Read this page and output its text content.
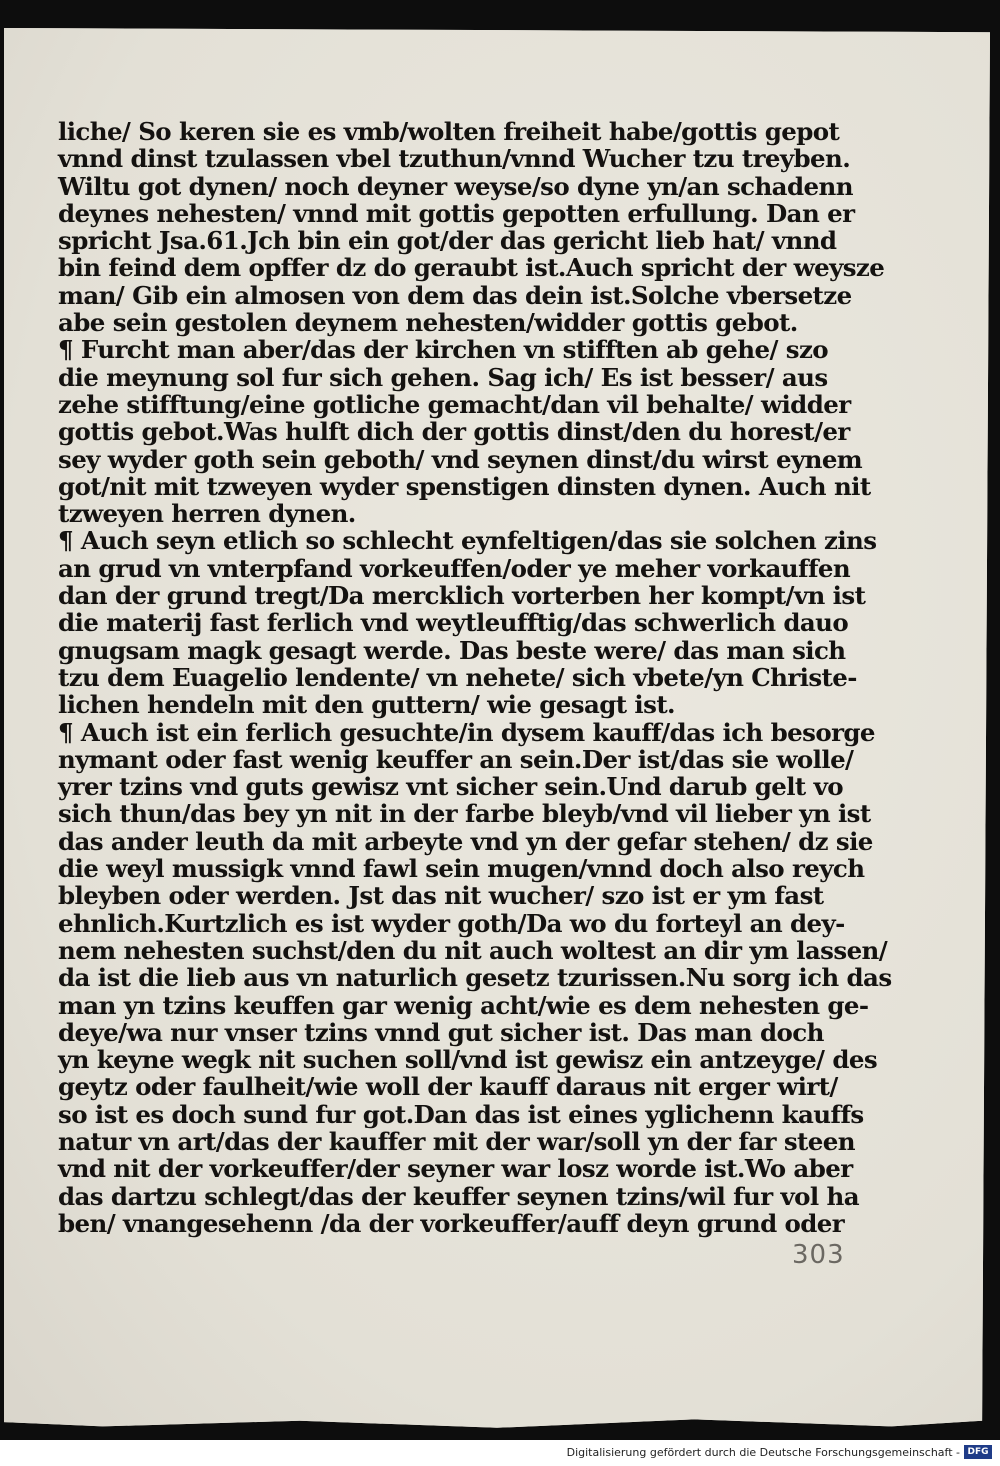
liche/ So keren sie es vmb/wolten freiheit habe/gottis gepot
vnnd dinst tzulassen vbel tzuthun/vnnd Wucher tzu treyben.
Wiltu got dynen/ noch deyner weyse/so dyne yn/an schadenn
deynes nehesten/ vnnd mit gottis gepotten erfullung. Dan er
spricht Jsa.61.Jch bin ein got/der das gericht lieb hat/ vnnd
bin feind dem opffer dz do geraubt ist.Auch spricht der weysze
man/ Gib ein almosen von dem das dein ist.Solche vbersetze
abe sein gestolen deynem nehesten/widder gottis gebot.
¶ Furcht man aber/das der kirchen vn stifften ab gehe/ szo
die meynung sol fur sich gehen. Sag ich/ Es ist besser/ aus
zehe stifftung/eine gotliche gemacht/dan vil behalte/ widder
gottis gebot.Was hulft dich der gottis dinst/den du horest/er
sey wyder goth sein geboth/ vnd seynen dinst/du wirst eynem
got/nit mit tzweyen wyder spenstigen dinsten dynen. Auch nit
tzweyen herren dynen.
¶ Auch seyn etlich so schlecht eynfeltigen/das sie solchen zins
an grud vn vnterpfand vorkeuffen/oder ye meher vorkauffen
dan der grund tregt/Da mercklich vorterben her kompt/vn ist
die materij fast ferlich vnd weytleufftig/das schwerlich dauo
gnugsam magk gesagt werde. Das beste were/ das man sich
tzu dem Euagelio lendente/ vn nehete/ sich vbete/yn Christe-
lichen hendeln mit den guttern/ wie gesagt ist.
¶ Auch ist ein ferlich gesuchte/in dysem kauff/das ich besorge
nymant oder fast wenig keuffer an sein.Der ist/das sie wolle/
yrer tzins vnd guts gewisz vnt sicher sein.Und darub gelt vo
sich thun/das bey yn nit in der farbe bleyb/vnd vil lieber yn ist
das ander leuth da mit arbeyte vnd yn der gefar stehen/ dz sie
die weyl mussigk vnnd fawl sein mugen/vnnd doch also reych
bleyben oder werden. Jst das nit wucher/ szo ist er ym fast
ehnlich.Kurtzlich es ist wyder goth/Da wo du forteyl an dey-
nem nehesten suchst/den du nit auch woltest an dir ym lassen/
da ist die lieb aus vn naturlich gesetz tzurissen.Nu sorg ich das
man yn tzins keuffen gar wenig acht/wie es dem nehesten ge-
deye/wa nur vnser tzins vnnd gut sicher ist. Das man doch
yn keyne wegk nit suchen soll/vnd ist gewisz ein antzeyge/ des
geytz oder faulheit/wie woll der kauff daraus nit erger wirt/
so ist es doch sund fur got.Dan das ist eines yglichenn kauffs
natur vn art/das der kauffer mit der war/soll yn der far steen
vnd nit der vorkeuffer/der seyner war losz worde ist.Wo aber
das dartzu schlegt/das der keuffer seynen tzins/wil fur vol ha
ben/ vnangesehenn /da der vorkeuffer/auff deyn grund oder
303
Digitalisierung gefördert durch die Deutsche Forschungsgemeinschaft - DFG
